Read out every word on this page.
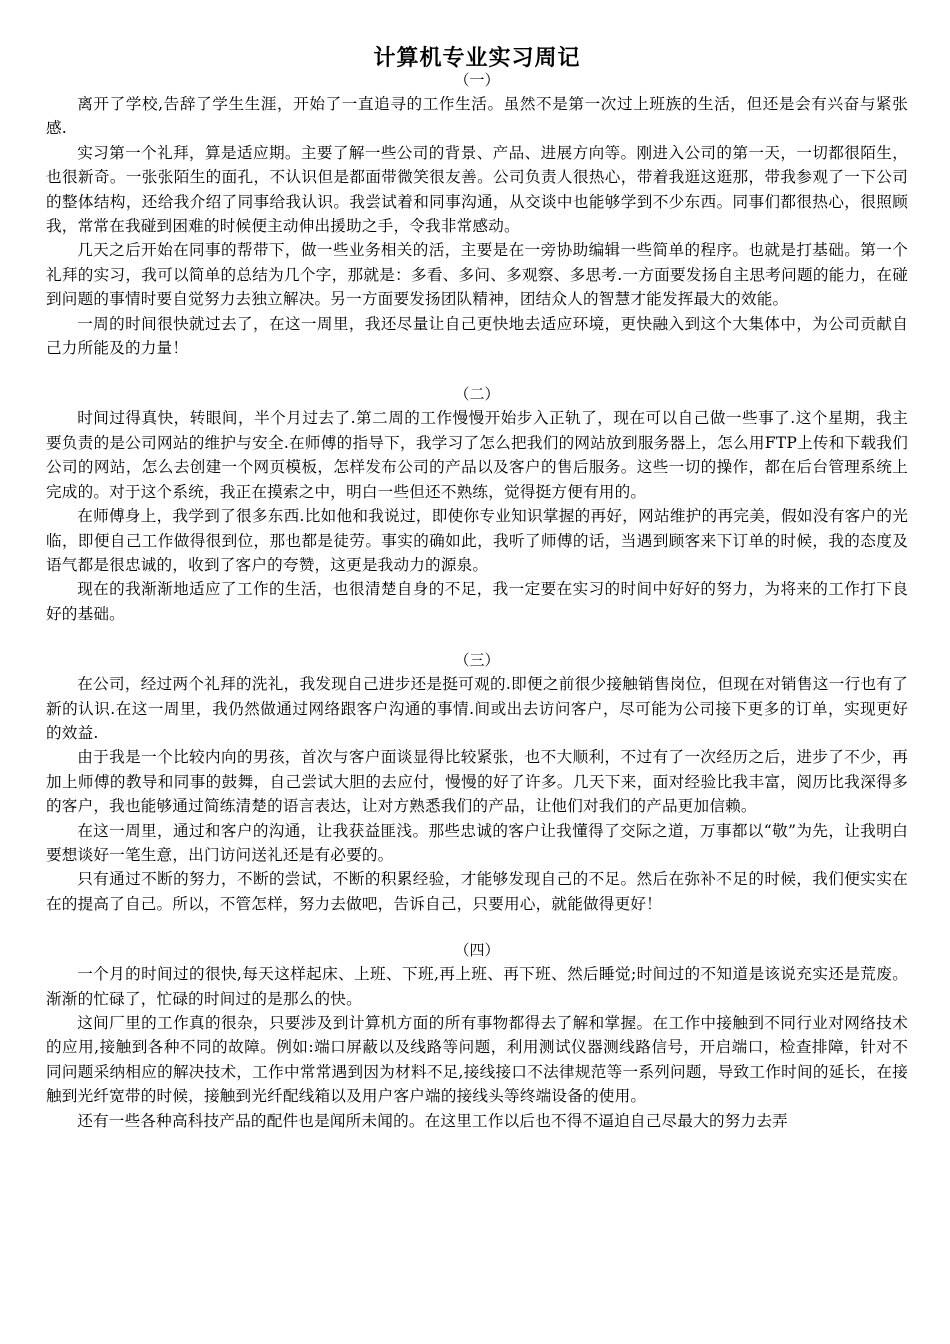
计算机专业实习周记

（一）

离开了学校,告辞了学生生涯，开始了一直追寻的工作生活。虽然不是第一次过上班族的生活，但还是会有兴奋与紧张感.

实习第一个礼拜，算是适应期。主要了解一些公司的背景、产品、进展方向等。刚进入公司的第一天，一切都很陌生，也很新奇。一张张陌生的面孔，不认识但是都面带微笑很友善。公司负责人很热心，带着我逛这逛那，带我参观了一下公司的整体结构，还给我介绍了同事给我认识。我尝试着和同事沟通，从交谈中也能够学到不少东西。同事们都很热心，很照顾我，常常在我碰到困难的时候便主动伸出援助之手，令我非常感动。

几天之后开始在同事的帮带下，做一些业务相关的活，主要是在一旁协助编辑一些简单的程序。也就是打基础。第一个礼拜的实习，我可以简单的总结为几个字，那就是：多看、多问、多观察、多思考.一方面要发扬自主思考问题的能力，在碰到问题的事情时要自觉努力去独立解决。另一方面要发扬团队精神，团结众人的智慧才能发挥最大的效能。

一周的时间很快就过去了，在这一周里，我还尽量让自己更快地去适应环境，更快融入到这个大集体中，为公司贡献自己力所能及的力量！

（二）

时间过得真快，转眼间，半个月过去了.第二周的工作慢慢开始步入正轨了，现在可以自己做一些事了.这个星期，我主要负责的是公司网站的维护与安全.在师傅的指导下，我学习了怎么把我们的网站放到服务器上，怎么用FTP上传和下载我们公司的网站，怎么去创建一个网页模板，怎样发布公司的产品以及客户的售后服务。这些一切的操作，都在后台管理系统上完成的。对于这个系统，我正在摸索之中，明白一些但还不熟练，觉得挺方便有用的。

在师傅身上，我学到了很多东西.比如他和我说过，即使你专业知识掌握的再好，网站维护的再完美，假如没有客户的光临，即便自己工作做得很到位，那也都是徒劳。事实的确如此，我听了师傅的话，当遇到顾客来下订单的时候，我的态度及语气都是很忠诚的，收到了客户的夸赞，这更是我动力的源泉。

现在的我渐渐地适应了工作的生活，也很清楚自身的不足，我一定要在实习的时间中好好的努力，为将来的工作打下良好的基础。

（三）

在公司，经过两个礼拜的洗礼，我发现自己进步还是挺可观的.即便之前很少接触销售岗位，但现在对销售这一行也有了新的认识.在这一周里，我仍然做通过网络跟客户沟通的事情.间或出去访问客户，尽可能为公司接下更多的订单，实现更好的效益.

由于我是一个比较内向的男孩，首次与客户面谈显得比较紧张，也不大顺利，不过有了一次经历之后，进步了不少，再加上师傅的教导和同事的鼓舞，自己尝试大胆的去应付，慢慢的好了许多。几天下来，面对经验比我丰富，阅历比我深得多的客户，我也能够通过简练清楚的语言表达，让对方熟悉我们的产品，让他们对我们的产品更加信赖。

在这一周里，通过和客户的沟通，让我获益匪浅。那些忠诚的客户让我懂得了交际之道，万事都以“敬”为先，让我明白要想谈好一笔生意，出门访问送礼还是有必要的。

只有通过不断的努力，不断的尝试，不断的积累经验，才能够发现自己的不足。然后在弥补不足的时候，我们便实实在在的提高了自己。所以，不管怎样，努力去做吧，告诉自己，只要用心，就能做得更好！

（四）

一个月的时间过的很快,每天这样起床、上班、下班,再上班、再下班、然后睡觉;时间过的不知道是该说充实还是荒废。渐渐的忙碌了，忙碌的时间过的是那么的快。

这间厂里的工作真的很杂，只要涉及到计算机方面的所有事物都得去了解和掌握。在工作中接触到不同行业对网络技术的应用,接触到各种不同的故障。例如:端口屏蔽以及线路等问题，利用测试仪器测线路信号，开启端口，检查排障，针对不同问题采纳相应的解决技术，工作中常常遇到因为材料不足,接线接口不法律规范等一系列问题，导致工作时间的延长，在接触到光纤宽带的时候，接触到光纤配线箱以及用户客户端的接线头等终端设备的使用。

还有一些各种高科技产品的配件也是闻所未闻的。在这里工作以后也不得不逼迫自己尽最大的努力去弄
